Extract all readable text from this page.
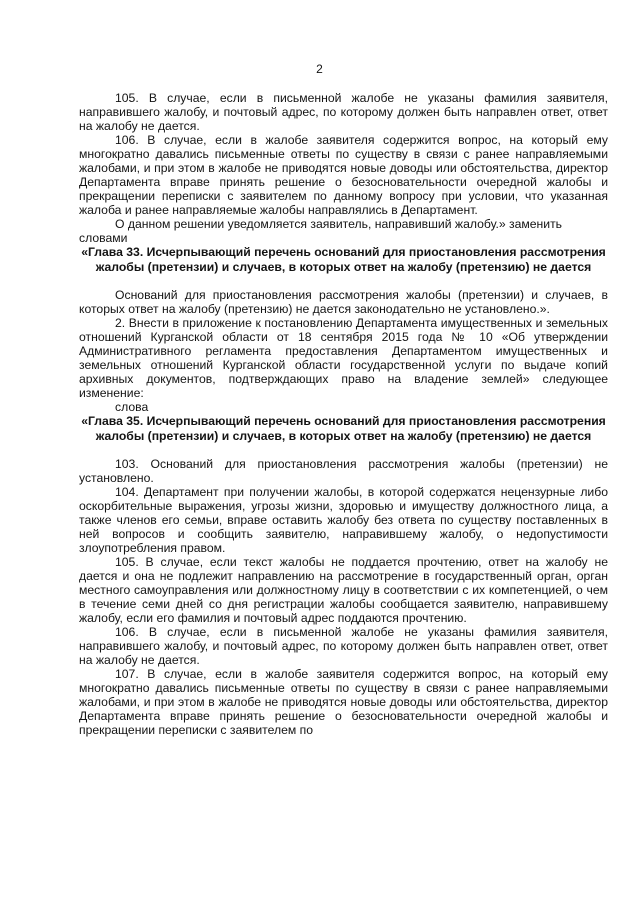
2

105. В случае, если в письменной жалобе не указаны фамилия заявителя, направившего жалобу, и почтовый адрес, по которому должен быть направлен ответ, ответ на жалобу не дается.

106. В случае, если в жалобе заявителя содержится вопрос, на который ему многократно давались письменные ответы по существу в связи с ранее направляемыми жалобами, и при этом в жалобе не приводятся новые доводы или обстоятельства, директор Департамента вправе принять решение о безосновательности очередной жалобы и прекращении переписки с заявителем по данному вопросу при условии, что указанная жалоба и ранее направляемые жалобы направлялись в Департамент.

О данном решении уведомляется заявитель, направивший жалобу.» заменить

словами

«Глава 33. Исчерпывающий перечень оснований для приостановления рассмотрения жалобы (претензии) и случаев, в которых ответ на жалобу (претензию) не дается

Оснований для приостановления рассмотрения жалобы (претензии) и случаев, в которых ответ на жалобу (претензию) не дается законодательно не установлено.».

2. Внести в приложение к постановлению Департамента имущественных и земельных отношений Курганской области от 18 сентября 2015 года № 10 «Об утверждении Административного регламента предоставления Департаментом имущественных и земельных отношений Курганской области государственной услуги по выдаче копий архивных документов, подтверждающих право на владение землей» следующее изменение:

слова

«Глава 35. Исчерпывающий перечень оснований для приостановления рассмотрения жалобы (претензии) и случаев, в которых ответ на жалобу (претензию) не дается

103. Оснований для приостановления рассмотрения жалобы (претензии) не установлено.

104. Департамент при получении жалобы, в которой содержатся нецензурные либо оскорбительные выражения, угрозы жизни, здоровью и имуществу должностного лица, а также членов его семьи, вправе оставить жалобу без ответа по существу поставленных в ней вопросов и сообщить заявителю, направившему жалобу, о недопустимости злоупотребления правом.

105. В случае, если текст жалобы не поддается прочтению, ответ на жалобу не дается и она не подлежит направлению на рассмотрение в государственный орган, орган местного самоуправления или должностному лицу в соответствии с их компетенцией, о чем в течение семи дней со дня регистрации жалобы сообщается заявителю, направившему жалобу, если его фамилия и почтовый адрес поддаются прочтению.

106. В случае, если в письменной жалобе не указаны фамилия заявителя, направившего жалобу, и почтовый адрес, по которому должен быть направлен ответ, ответ на жалобу не дается.

107. В случае, если в жалобе заявителя содержится вопрос, на который ему многократно давались письменные ответы по существу в связи с ранее направляемыми жалобами, и при этом в жалобе не приводятся новые доводы или обстоятельства, директор Департамента вправе принять решение о безосновательности очередной жалобы и прекращении переписки с заявителем по
